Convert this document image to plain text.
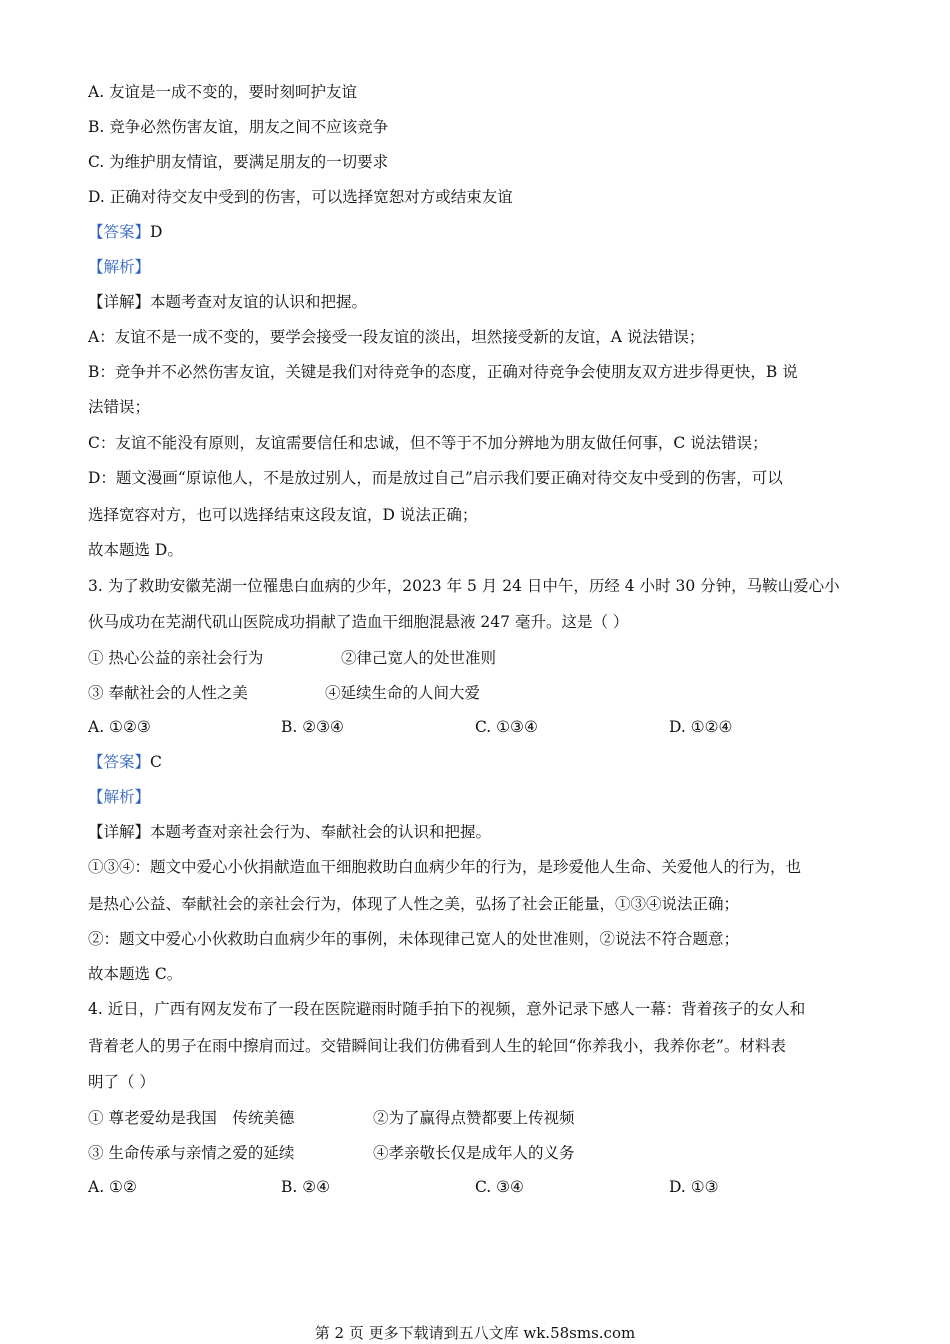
A. 友谊是一成不变的，要时刻呵护友谊
B. 竞争必然伤害友谊，朋友之间不应该竞争
C. 为维护朋友情谊，要满足朋友的一切要求
D. 正确对待交友中受到的伤害，可以选择宽恕对方或结束友谊
【答案】D
【解析】
【详解】本题考查对友谊的认识和把握。
A：友谊不是一成不变的，要学会接受一段友谊的淡出，坦然接受新的友谊，A 说法错误；
B：竞争并不必然伤害友谊，关键是我们对待竞争的态度，正确对待竞争会使朋友双方进步得更快，B 说
法错误；
C：友谊不能没有原则，友谊需要信任和忠诚，但不等于不加分辨地为朋友做任何事，C 说法错误；
D：题文漫画“原谅他人，不是放过别人，而是放过自己”启示我们要正确对待交友中受到的伤害，可以
选择宽容对方，也可以选择结束这段友谊，D 说法正确；
故本题选 D。
3. 为了救助安徽芜湖一位罹患白血病的少年，2023 年 5 月 24 日中午，历经 4 小时 30 分钟，马鞍山爱心小
伙马成功在芜湖代矶山医院成功捐献了造血干细胞混悬液 247 毫升。这是（ ）
① 热心公益的亲社会行为	②律己宽人的处世准则
③ 奉献社会的人性之美	④延续生命的人间大爱
A. ①②③	B. ②③④	C. ①③④	D. ①②④
【答案】C
【解析】
【详解】本题考查对亲社会行为、奉献社会的认识和把握。
①③④：题文中爱心小伙捐献造血干细胞救助白血病少年的行为，是珍爱他人生命、关爱他人的行为，也
是热心公益、奉献社会的亲社会行为，体现了人性之美，弘扬了社会正能量，①③④说法正确；
②：题文中爱心小伙救助白血病少年的事例，未体现律己宽人的处世准则，②说法不符合题意；
故本题选 C。
4. 近日，广西有网友发布了一段在医院避雨时随手拍下的视频，意外记录下感人一幕：背着孩子的女人和
背着老人的男子在雨中擦肩而过。交错瞬间让我们仿佛看到人生的轮回“你养我小，我养你老”。材料表
明了（ ）
① 尊老爱幼是我国　传统美德	②为了赢得点赞都要上传视频
③ 生命传承与亲情之爱的延续	④孝亲敬长仅是成年人的义务
A. ①②	B. ②④	C. ③④	D. ①③
第 2 页 更多下载请到五八文库 wk.58sms.com
